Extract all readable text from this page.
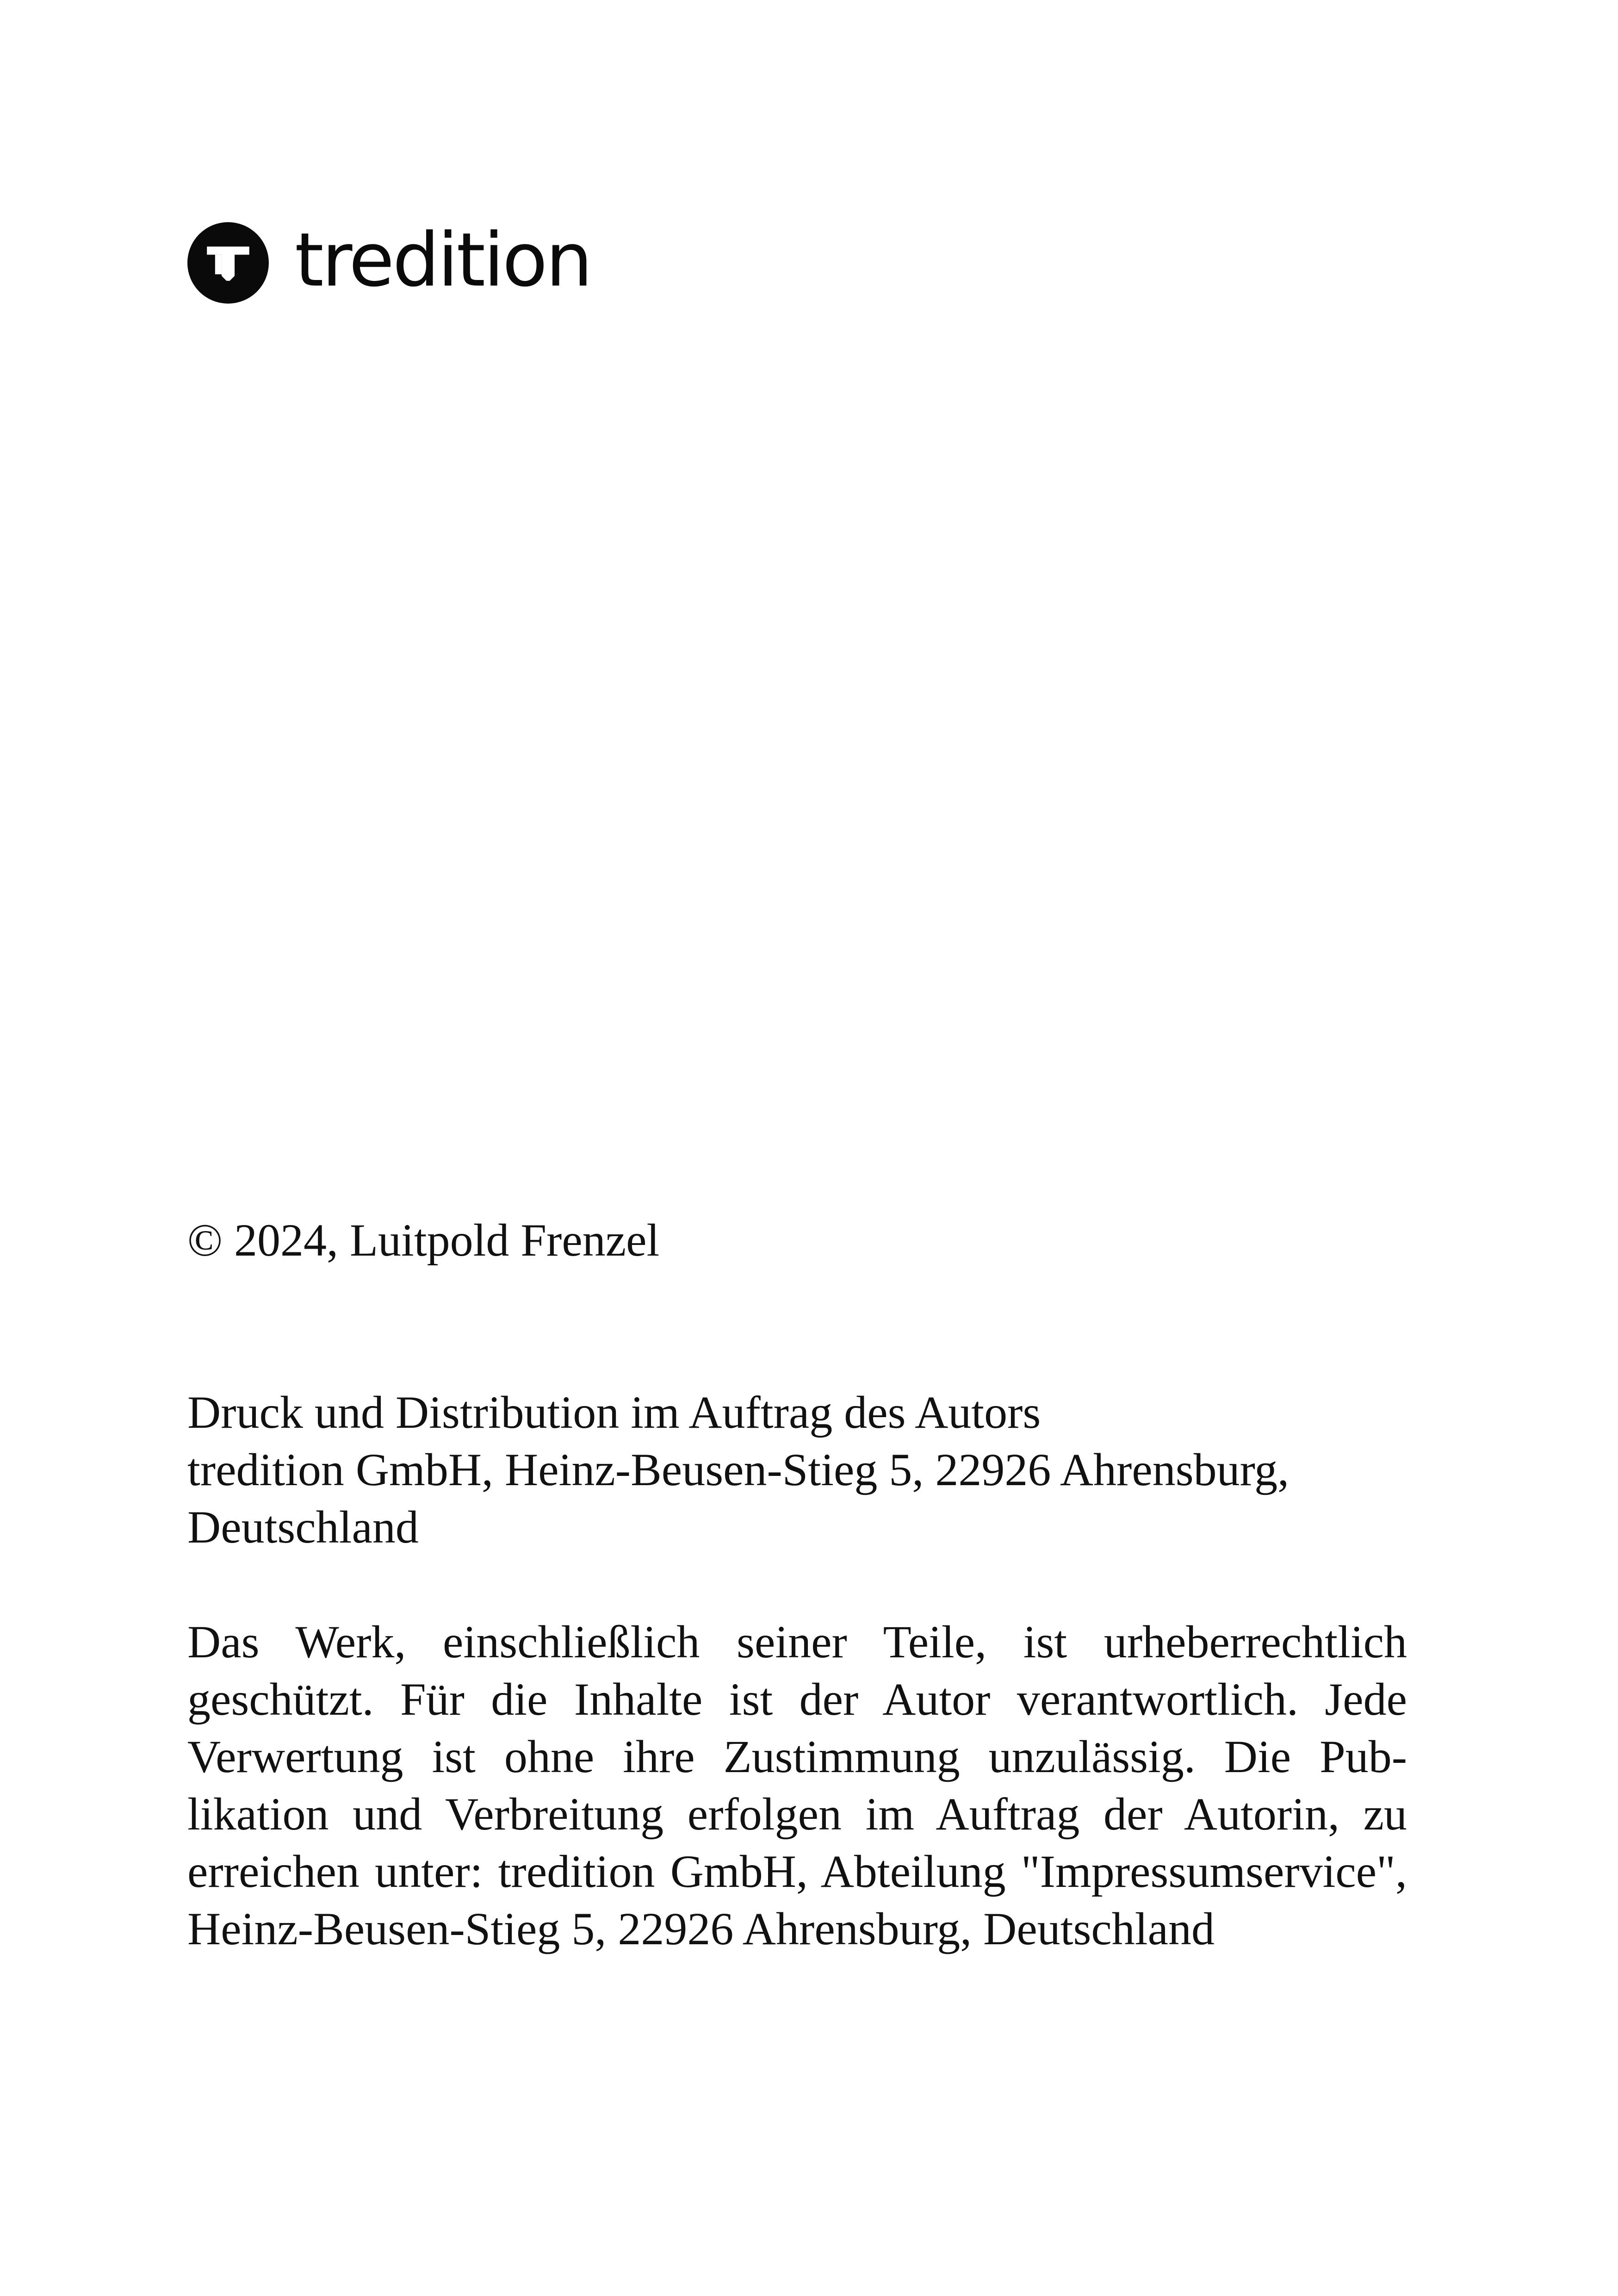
tredition
© 2024, Luitpold Frenzel
Druck und Distribution im Auftrag des Autors
tredition GmbH, Heinz-Beusen-Stieg 5, 22926 Ahrensburg,
Deutschland
Das Werk, einschließlich seiner Teile, ist urheberrechtlich geschützt. Für die Inhalte ist der Autor verantwortlich. Jede Verwertung ist ohne ihre Zustimmung unzulässig. Die Publikation und Verbreitung erfolgen im Auftrag der Autorin, zu erreichen unter: tredition GmbH, Abteilung "Impressumservice", Heinz-Beusen-Stieg 5, 22926 Ahrensburg, Deutschland
